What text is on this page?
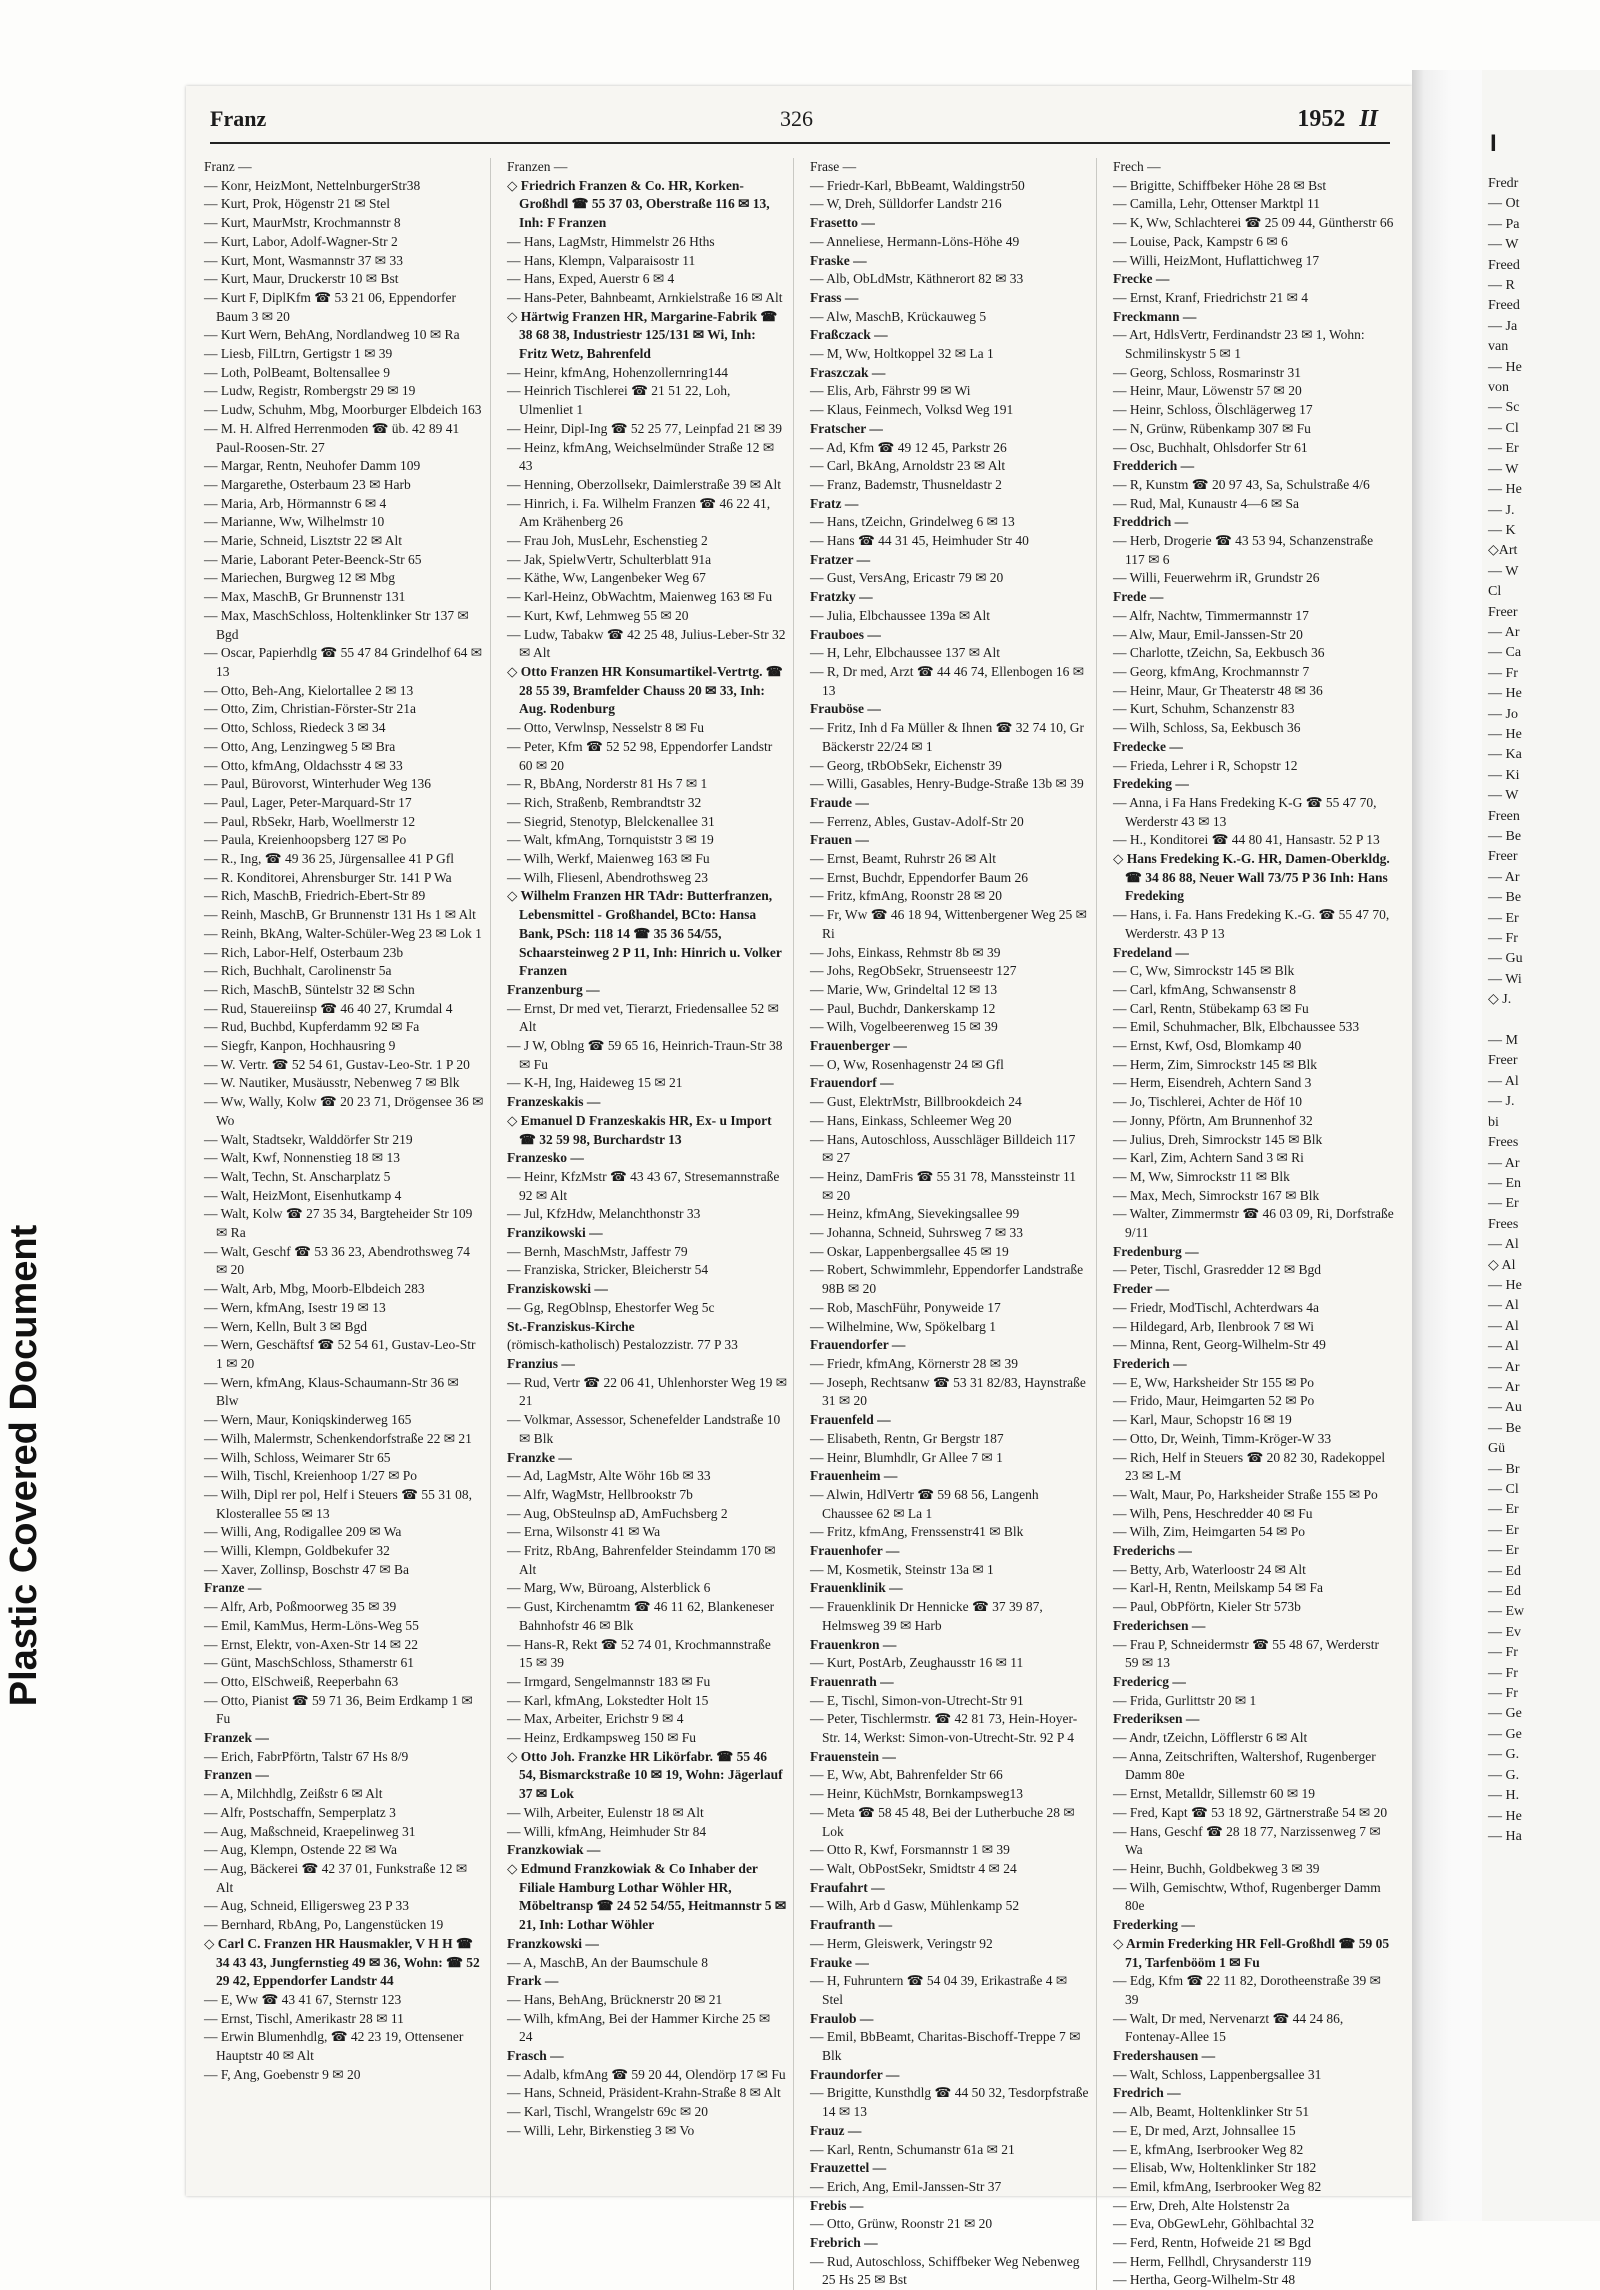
Plastic Covered Document
I
Fredr
— Ot
— Pa
— W
Freed
— R
Freed
— Ja
van
— He
von
— Sc
— Cl
— Er
— W
— He
— J.
— K
◇Art
— W
Cl
Freer
— Ar
— Ca
— Fr
— He
— Jo
— He
— Ka
— Ki
— W
Freen
— Be
Freer
— Ar
— Be
— Er
— Fr
— Gu
— Wi
◇ J.

— M
Freer
— Al
— J.
bi
Frees
— Ar
— En
— Er
Frees
— Al
◇ Al
— He
— Al
— Al
— Al
— Ar
— Ar
— Au
— Be
Gü
— Br
— Cl
— Er
— Er
— Er
— Ed
— Ed
— Ew
— Ev
— Fr
— Fr
— Fr
— Ge
— Ge
— G.
— G.
— H.
— He
— Ha
Franz	326	1952 II
Franz —
— Konr, HeizMont, NettelnburgerStr38
— Kurt, Prok, Högenstr 21 ✉ Stel
— Kurt, MaurMstr, Krochmannstr 8
— Kurt, Labor, Adolf-Wagner-Str 2
— Kurt, Mont, Wasmannstr 37 ✉ 33
— Kurt, Maur, Druckerstr 10 ✉ Bst
— Kurt F, DiplKfm ☎ 53 21 06, Eppendorfer Baum 3 ✉ 20
— Kurt Wern, BehAng, Nordlandweg 10 ✉ Ra
— Liesb, FilLtrn, Gertigstr 1 ✉ 39
— Loth, PolBeamt, Boltensallee 9
— Ludw, Registr, Rombergstr 29 ✉ 19
— Ludw, Schuhm, Mbg, Moorburger Elbdeich 163
— M. H. Alfred Herrenmoden ☎ üb. 42 89 41 Paul-Roosen-Str. 27
— Margar, Rentn, Neuhofer Damm 109
— Margarethe, Osterbaum 23 ✉ Harb
— Maria, Arb, Hörmannstr 6 ✉ 4
— Marianne, Ww, Wilhelmstr 10
— Marie, Schneid, Lisztstr 22 ✉ Alt
— Marie, Laborant Peter-Beenck-Str 65
— Mariechen, Burgweg 12 ✉ Mbg
— Max, MaschB, Gr Brunnenstr 131
— Max, MaschSchloss, Holtenklinker Str 137 ✉ Bgd
— Oscar, Papierhdlg ☎ 55 47 84 Grindelhof 64 ✉ 13
— Otto, Beh-Ang, Kielortallee 2 ✉ 13
— Otto, Zim, Christian-Förster-Str 21a
— Otto, Schloss, Riedeck 3 ✉ 34
— Otto, Ang, Lenzingweg 5 ✉ Bra
— Otto, kfmAng, Oldachsstr 4 ✉ 33
— Paul, Bürovorst, Winterhuder Weg 136
— Paul, Lager, Peter-Marquard-Str 17
— Paul, RbSekr, Harb, Woellmerstr 12
— Paula, Kreienhoopsberg 127 ✉ Po
— R., Ing, ☎ 49 36 25, Jürgensallee 41 P Gfl
— R. Konditorei, Ahrensburger Str. 141 P Wa
— Rich, MaschB, Friedrich-Ebert-Str 89
— Reinh, MaschB, Gr Brunnenstr 131 Hs 1 ✉ Alt
— Reinh, BkAng, Walter-Schüler-Weg 23 ✉ Lok 1
— Rich, Labor-Helf, Osterbaum 23b
— Rich, Buchhalt, Carolinenstr 5a
— Rich, MaschB, Süntelstr 32 ✉ Schn
— Rud, Stauereiinsp ☎ 46 40 27, Krumdal 4
— Rud, Buchbd, Kupferdamm 92 ✉ Fa
— Siegfr, Kanpon, Hochhausring 9
— W. Vertr. ☎ 52 54 61, Gustav-Leo-Str. 1 P 20
— W. Nautiker, Musäusstr, Nebenweg 7 ✉ Blk
— Ww, Wally, Kolw ☎ 20 23 71, Drögensee 36 ✉ Wo
— Walt, Stadtsekr, Walddörfer Str 219
— Walt, Kwf, Nonnenstieg 18 ✉ 13
— Walt, Techn, St. Anscharplatz 5
— Walt, HeizMont, Eisenhutkamp 4
— Walt, Kolw ☎ 27 35 34, Bargteheider Str 109 ✉ Ra
— Walt, Geschf ☎ 53 36 23, Abendrothsweg 74 ✉ 20
— Walt, Arb, Mbg, Moorb-Elbdeich 283
— Wern, kfmAng, Isestr 19 ✉ 13
— Wern, Kelln, Bult 3 ✉ Bgd
— Wern, Geschäftsf ☎ 52 54 61, Gustav-Leo-Str 1 ✉ 20
— Wern, kfmAng, Klaus-Schaumann-Str 36 ✉ Blw
— Wern, Maur, Koniqskinderweg 165
— Wilh, Malermstr, Schenkendorfstraße 22 ✉ 21
— Wilh, Schloss, Weimarer Str 65
— Wilh, Tischl, Kreienhoop 1/27 ✉ Po
— Wilh, Dipl rer pol, Helf i Steuers ☎ 55 31 08, Klosterallee 55 ✉ 13
— Willi, Ang, Rodigallee 209 ✉ Wa
— Willi, Klempn, Goldbekufer 32
— Xaver, Zollinsp, Boschstr 47 ✉ Ba
Franze —
— Alfr, Arb, Poßmoorweg 35 ✉ 39
— Emil, KamMus, Herm-Löns-Weg 55
— Ernst, Elektr, von-Axen-Str 14 ✉ 22
— Günt, MaschSchloss, Sthamerstr 61
— Otto, ElSchweiß, Reeperbahn 63
— Otto, Pianist ☎ 59 71 36, Beim Erdkamp 1 ✉ Fu
Franzek —
— Erich, FabrPförtn, Talstr 67 Hs 8/9
Franzen —
— A, Milchhdlg, Zeißstr 6 ✉ Alt
— Alfr, Postschaffn, Semperplatz 3
— Aug, Maßschneid, Kraepelinweg 31
— Aug, Klempn, Ostende 22 ✉ Wa
— Aug, Bäckerei ☎ 42 37 01, Funkstraße 12 ✉ Alt
— Aug, Schneid, Elligersweg 23 P 33
— Bernhard, RbAng, Po, Langenstücken 19
◇ Carl C. Franzen HR Hausmakler, V H H ☎ 34 43 43, Jungfernstieg 49 ✉ 36, Wohn: ☎ 52 29 42, Eppendorfer Landstr 44
— E, Ww ☎ 43 41 67, Sternstr 123
— Ernst, Tischl, Amerikastr 28 ✉ 11
— Erwin Blumenhdlg, ☎ 42 23 19, Ottensener Hauptstr 40 ✉ Alt
— F, Ang, Goebenstr 9 ✉ 20
Franzen —
◇ Friedrich Franzen & Co. HR, Korken-Großhdl ☎ 55 37 03, Oberstraße 116 ✉ 13, Inh: F Franzen
— Hans, LagMstr, Himmelstr 26 Hths
— Hans, Klempn, Valparaisostr 11
— Hans, Exped, Auerstr 6 ✉ 4
— Hans-Peter, Bahnbeamt, Arnkielstraße 16 ✉ Alt
◇ Härtwig Franzen HR, Margarine-Fabrik ☎ 38 68 38, Industriestr 125/131 ✉ Wi, Inh: Fritz Wetz, Bahrenfeld
— Heinr, kfmAng, Hohenzollernring144
— Heinrich Tischlerei ☎ 21 51 22, Loh, Ulmenliet 1
— Heinr, Dipl-Ing ☎ 52 25 77, Leinpfad 21 ✉ 39
— Heinz, kfmAng, Weichselmünder Straße 12 ✉ 43
— Henning, Oberzollsekr, Daimlerstraße 39 ✉ Alt
— Hinrich, i. Fa. Wilhelm Franzen ☎ 46 22 41, Am Krähenberg 26
— Frau Joh, MusLehr, Eschenstieg 2
— Jak, SpielwVertr, Schulterblatt 91a
— Käthe, Ww, Langenbeker Weg 67
— Karl-Heinz, ObWachtm, Maienweg 163 ✉ Fu
— Kurt, Kwf, Lehmweg 55 ✉ 20
— Ludw, Tabakw ☎ 42 25 48, Julius-Leber-Str 32 ✉ Alt
◇ Otto Franzen HR Konsumartikel-Vertrtg. ☎ 28 55 39, Bramfelder Chauss 20 ✉ 33, Inh: Aug. Rodenburg
— Otto, Verwlnsp, Nesselstr 8 ✉ Fu
— Peter, Kfm ☎ 52 52 98, Eppendorfer Landstr 60 ✉ 20
— R, BbAng, Norderstr 81 Hs 7 ✉ 1
— Rich, Straßenb, Rembrandtstr 32
— Siegrid, Stenotyp, Blelckenallee 31
— Walt, kfmAng, Tornquiststr 3 ✉ 19
— Wilh, Werkf, Maienweg 163 ✉ Fu
— Wilh, Fliesenl, Abendrothsweg 23
◇ Wilhelm Franzen HR TAdr: Butterfranzen, Lebensmittel - Großhandel, BCto: Hansa Bank, PSch: 118 14 ☎ 35 36 54/55, Schaarsteinweg 2 P 11, Inh: Hinrich u. Volker Franzen
Franzenburg —
— Ernst, Dr med vet, Tierarzt, Friedensallee 52 ✉ Alt
— J W, Oblng ☎ 59 65 16, Heinrich-Traun-Str 38 ✉ Fu
— K-H, Ing, Haideweg 15 ✉ 21
Franzeskakis —
◇ Emanuel D Franzeskakis HR, Ex- u Import ☎ 32 59 98, Burchardstr 13
Franzesko —
— Heinr, KfzMstr ☎ 43 43 67, Stresemannstraße 92 ✉ Alt
— Jul, KfzHdw, Melanchthonstr 33
Franzikowski —
— Bernh, MaschMstr, Jaffestr 79
— Franziska, Stricker, Bleicherstr 54
Franziskowski —
— Gg, RegOblnsp, Ehestorfer Weg 5c
St.-Franziskus-Kirche
(römisch-katholisch) Pestalozzistr. 77 P 33
Franzius —
— Rud, Vertr ☎ 22 06 41, Uhlenhorster Weg 19 ✉ 21
— Volkmar, Assessor, Schenefelder Landstraße 10 ✉ Blk
Franzke —
— Ad, LagMstr, Alte Wöhr 16b ✉ 33
— Alfr, WagMstr, Hellbrookstr 7b
— Aug, ObSteulnsp aD, AmFuchsberg 2
— Erna, Wilsonstr 41 ✉ Wa
— Fritz, RbAng, Bahrenfelder Steindamm 170 ✉ Alt
— Marg, Ww, Büroang, Alsterblick 6
— Gust, Kirchenamtm ☎ 46 11 62, Blankeneser Bahnhofstr 46 ✉ Blk
— Hans-R, Rekt ☎ 52 74 01, Krochmannstraße 15 ✉ 39
— Irmgard, Sengelmannstr 183 ✉ Fu
— Karl, kfmAng, Lokstedter Holt 15
— Max, Arbeiter, Erichstr 9 ✉ 4
— Heinz, Erdkampsweg 150 ✉ Fu
◇ Otto Joh. Franzke HR Likörfabr. ☎ 55 46 54, Bismarckstraße 10 ✉ 19, Wohn: Jägerlauf 37 ✉ Lok
— Wilh, Arbeiter, Eulenstr 18 ✉ Alt
— Willi, kfmAng, Heimhuder Str 84
Franzkowiak —
◇ Edmund Franzkowiak & Co Inhaber der Filiale Hamburg Lothar Wöhler HR, Möbeltransp ☎ 24 52 54/55, Heitmannstr 5 ✉ 21, Inh: Lothar Wöhler
Franzkowski —
— A, MaschB, An der Baumschule 8
Frark —
— Hans, BehAng, Brücknerstr 20 ✉ 21
— Wilh, kfmAng, Bei der Hammer Kirche 25 ✉ 24
Frasch —
— Adalb, kfmAng ☎ 59 20 44, Olendörp 17 ✉ Fu
— Hans, Schneid, Präsident-Krahn-Straße 8 ✉ Alt
— Karl, Tischl, Wrangelstr 69c ✉ 20
— Willi, Lehr, Birkenstieg 3 ✉ Vo
Frase —
— Friedr-Karl, BbBeamt, Waldingstr50
— W, Dreh, Sülldorfer Landstr 216
Frasetto —
— Anneliese, Hermann-Löns-Höhe 49
Fraske —
— Alb, ObLdMstr, Käthnerort 82 ✉ 33
Frass —
— Alw, MaschB, Krückauweg 5
Fraßczack —
— M, Ww, Holtkoppel 32 ✉ La 1
Fraszczak —
— Elis, Arb, Fährstr 99 ✉ Wi
— Klaus, Feinmech, Volksd Weg 191
Fratscher —
— Ad, Kfm ☎ 49 12 45, Parkstr 26
— Carl, BkAng, Arnoldstr 23 ✉ Alt
— Franz, Bademstr, Thusneldastr 2
Fratz —
— Hans, tZeichn, Grindelweg 6 ✉ 13
— Hans ☎ 44 31 45, Heimhuder Str 40
Fratzer —
— Gust, VersAng, Ericastr 79 ✉ 20
Fratzky —
— Julia, Elbchaussee 139a ✉ Alt
Frauboes —
— H, Lehr, Elbchaussee 137 ✉ Alt
— R, Dr med, Arzt ☎ 44 46 74, Ellenbogen 16 ✉ 13
Frauböse —
— Fritz, Inh d Fa Müller & Ihnen ☎ 32 74 10, Gr Bäckerstr 22/24 ✉ 1
— Georg, tRbObSekr, Eichenstr 39
— Willi, Gasables, Henry-Budge-Straße 13b ✉ 39
Fraude —
— Ferrenz, Ables, Gustav-Adolf-Str 20
Frauen —
— Ernst, Beamt, Ruhrstr 26 ✉ Alt
— Ernst, Buchdr, Eppendorfer Baum 26
— Fritz, kfmAng, Roonstr 28 ✉ 20
— Fr, Ww ☎ 46 18 94, Wittenbergener Weg 25 ✉ Ri
— Johs, Einkass, Rehmstr 8b ✉ 39
— Johs, RegObSekr, Struenseestr 127
— Marie, Ww, Grindeltal 12 ✉ 13
— Paul, Buchdr, Dankerskamp 12
— Wilh, Vogelbeerenweg 15 ✉ 39
Frauenberger —
— O, Ww, Rosenhagenstr 24 ✉ Gfl
Frauendorf —
— Gust, ElektrMstr, Billbrookdeich 24
— Hans, Einkass, Schleemer Weg 20
— Hans, Autoschloss, Ausschläger Billdeich 117 ✉ 27
— Heinz, DamFris ☎ 55 31 78, Manssteinstr 11 ✉ 20
— Heinz, kfmAng, Sievekingsallee 99
— Johanna, Schneid, Suhrsweg 7 ✉ 33
— Oskar, Lappenbergsallee 45 ✉ 19
— Robert, Schwimmlehr, Eppendorfer Landstraße 98B ✉ 20
— Rob, MaschFühr, Ponyweide 17
— Wilhelmine, Ww, Spökelbarg 1
Frauendorfer —
— Friedr, kfmAng, Körnerstr 28 ✉ 39
— Joseph, Rechtsanw ☎ 53 31 82/83, Haynstraße 31 ✉ 20
Frauenfeld —
— Elisabeth, Rentn, Gr Bergstr 187
— Heinr, Blumhdlr, Gr Allee 7 ✉ 1
Frauenheim —
— Alwin, HdlVertr ☎ 59 68 56, Langenh Chaussee 62 ✉ La 1
— Fritz, kfmAng, Frenssenstr41 ✉ Blk
Frauenhofer —
— M, Kosmetik, Steinstr 13a ✉ 1
Frauenklinik —
— Frauenklinik Dr Hennicke ☎ 37 39 87, Helmsweg 39 ✉ Harb
Frauenkron —
— Kurt, PostArb, Zeughausstr 16 ✉ 11
Frauenrath —
— E, Tischl, Simon-von-Utrecht-Str 91
— Peter, Tischlermstr. ☎ 42 81 73, Hein-Hoyer-Str. 14, Werkst: Simon-von-Utrecht-Str. 92 P 4
Frauenstein —
— E, Ww, Abt, Bahrenfelder Str 66
— Heinr, KüchMstr, Bornkampsweg13
— Meta ☎ 58 45 48, Bei der Lutherbuche 28 ✉ Lok
— Otto R, Kwf, Forsmannstr 1 ✉ 39
— Walt, ObPostSekr, Smidtstr 4 ✉ 24
Fraufahrt —
— Wilh, Arb d Gasw, Mühlenkamp 52
Fraufranth —
— Herm, Gleiswerk, Veringstr 92
Frauke —
— H, Fuhruntern ☎ 54 04 39, Erikastraße 4 ✉ Stel
Fraulob —
— Emil, BbBeamt, Charitas-Bischoff-Treppe 7 ✉ Blk
Fraundorfer —
— Brigitte, Kunsthdlg ☎ 44 50 32, Tesdorpfstraße 14 ✉ 13
Frauz —
— Karl, Rentn, Schumanstr 61a ✉ 21
Frauzettel —
— Erich, Ang, Emil-Janssen-Str 37
Frebis —
— Otto, Grünw, Roonstr 21 ✉ 20
Frebrich —
— Rud, Autoschloss, Schiffbeker Weg Nebenweg 25 Hs 25 ✉ Bst
Frech —
— Brigitte, Schiffbeker Höhe 28 ✉ Bst
— Camilla, Lehr, Ottenser Marktpl 11
— K, Ww, Schlachterei ☎ 25 09 44, Güntherstr 66
— Louise, Pack, Kampstr 6 ✉ 6
— Willi, HeizMont, Huflattichweg 17
Frecke —
— Ernst, Kranf, Friedrichstr 21 ✉ 4
Freckmann —
— Art, HdlsVertr, Ferdinandstr 23 ✉ 1, Wohn: Schmilinskystr 5 ✉ 1
— Georg, Schloss, Rosmarinstr 31
— Heinr, Maur, Löwenstr 57 ✉ 20
— Heinr, Schloss, Ölschlägerweg 17
— N, Grünw, Rübenkamp 307 ✉ Fu
— Osc, Buchhalt, Ohlsdorfer Str 61
Fredderich —
— R, Kunstm ☎ 20 97 43, Sa, Schulstraße 4/6
— Rud, Mal, Kunaustr 4—6 ✉ Sa
Freddrich —
— Herb, Drogerie ☎ 43 53 94, Schanzenstraße 117 ✉ 6
— Willi, Feuerwehrm iR, Grundstr 26
Frede —
— Alfr, Nachtw, Timmermannstr 17
— Alw, Maur, Emil-Janssen-Str 20
— Charlotte, tZeichn, Sa, Eekbusch 36
— Georg, kfmAng, Krochmannstr 7
— Heinr, Maur, Gr Theaterstr 48 ✉ 36
— Kurt, Schuhm, Schanzenstr 83
— Wilh, Schloss, Sa, Eekbusch 36
Fredecke —
— Frieda, Lehrer i R, Schopstr 12
Fredeking —
— Anna, i Fa Hans Fredeking K-G ☎ 55 47 70, Werderstr 43 ✉ 13
— H., Konditorei ☎ 44 80 41, Hansastr. 52 P 13
◇ Hans Fredeking K.-G. HR, Damen-Oberkldg. ☎ 34 86 88, Neuer Wall 73/75 P 36 Inh: Hans Fredeking
— Hans, i. Fa. Hans Fredeking K.-G. ☎ 55 47 70, Werderstr. 43 P 13
Fredeland —
— C, Ww, Simrockstr 145 ✉ Blk
— Carl, kfmAng, Schwansenstr 8
— Carl, Rentn, Stübekamp 63 ✉ Fu
— Emil, Schuhmacher, Blk, Elbchaussee 533
— Ernst, Kwf, Osd, Blomkamp 40
— Herm, Zim, Simrockstr 145 ✉ Blk
— Herm, Eisendreh, Achtern Sand 3
— Jo, Tischlerei, Achter de Höf 10
— Jonny, Pförtn, Am Brunnenhof 32
— Julius, Dreh, Simrockstr 145 ✉ Blk
— Karl, Zim, Achtern Sand 3 ✉ Ri
— M, Ww, Simrockstr 11 ✉ Blk
— Max, Mech, Simrockstr 167 ✉ Blk
— Walter, Zimmermstr ☎ 46 03 09, Ri, Dorfstraße 9/11
Fredenburg —
— Peter, Tischl, Grasredder 12 ✉ Bgd
Freder —
— Friedr, ModTischl, Achterdwars 4a
— Hildegard, Arb, Ilenbrook 7 ✉ Wi
— Minna, Rent, Georg-Wilhelm-Str 49
Frederich —
— E, Ww, Harksheider Str 155 ✉ Po
— Frido, Maur, Heimgarten 52 ✉ Po
— Karl, Maur, Schopstr 16 ✉ 19
— Otto, Dr, Weinh, Timm-Kröger-W 33
— Rich, Helf in Steuers ☎ 20 82 30, Radekoppel 23 ✉ L-M
— Walt, Maur, Po, Harksheider Straße 155 ✉ Po
— Wilh, Pens, Heschredder 40 ✉ Fu
— Wilh, Zim, Heimgarten 54 ✉ Po
Frederichs —
— Betty, Arb, Waterloostr 24 ✉ Alt
— Karl-H, Rentn, Meilskamp 54 ✉ Fa
— Paul, ObPförtn, Kieler Str 573b
Frederichsen —
— Frau P, Schneidermstr ☎ 55 48 67, Werderstr 59 ✉ 13
Fredericg —
— Frida, Gurlittstr 20 ✉ 1
Frederiksen —
— Andr, tZeichn, Löfflerstr 6 ✉ Alt
— Anna, Zeitschriften, Waltershof, Rugenberger Damm 80e
— Ernst, Metalldr, Sillemstr 60 ✉ 19
— Fred, Kapt ☎ 53 18 92, Gärtnerstraße 54 ✉ 20
— Hans, Geschf ☎ 28 18 77, Narzissenweg 7 ✉ Wa
— Heinr, Buchh, Goldbekweg 3 ✉ 39
— Wilh, Gemischtw, Wthof, Rugenberger Damm 80e
Frederking —
◇ Armin Frederking HR Fell-Großhdl ☎ 59 05 71, Tarfenbööm 1 ✉ Fu
— Edg, Kfm ☎ 22 11 82, Dorotheenstraße 39 ✉ 39
— Walt, Dr med, Nervenarzt ☎ 44 24 86, Fontenay-Allee 15
Fredershausen —
— Walt, Schloss, Lappenbergsallee 31
Fredrich —
— Alb, Beamt, Holtenklinker Str 51
— E, Dr med, Arzt, Johnsallee 15
— E, kfmAng, Iserbrooker Weg 82
— Elisab, Ww, Holtenklinker Str 182
— Emil, kfmAng, Iserbrooker Weg 82
— Erw, Dreh, Alte Holstenstr 2a
— Eva, ObGewLehr, Göhlbachtal 32
— Ferd, Rentn, Hofweide 21 ✉ Bgd
— Herm, Fellhdl, Chrysanderstr 119
— Hertha, Georg-Wilhelm-Str 48
